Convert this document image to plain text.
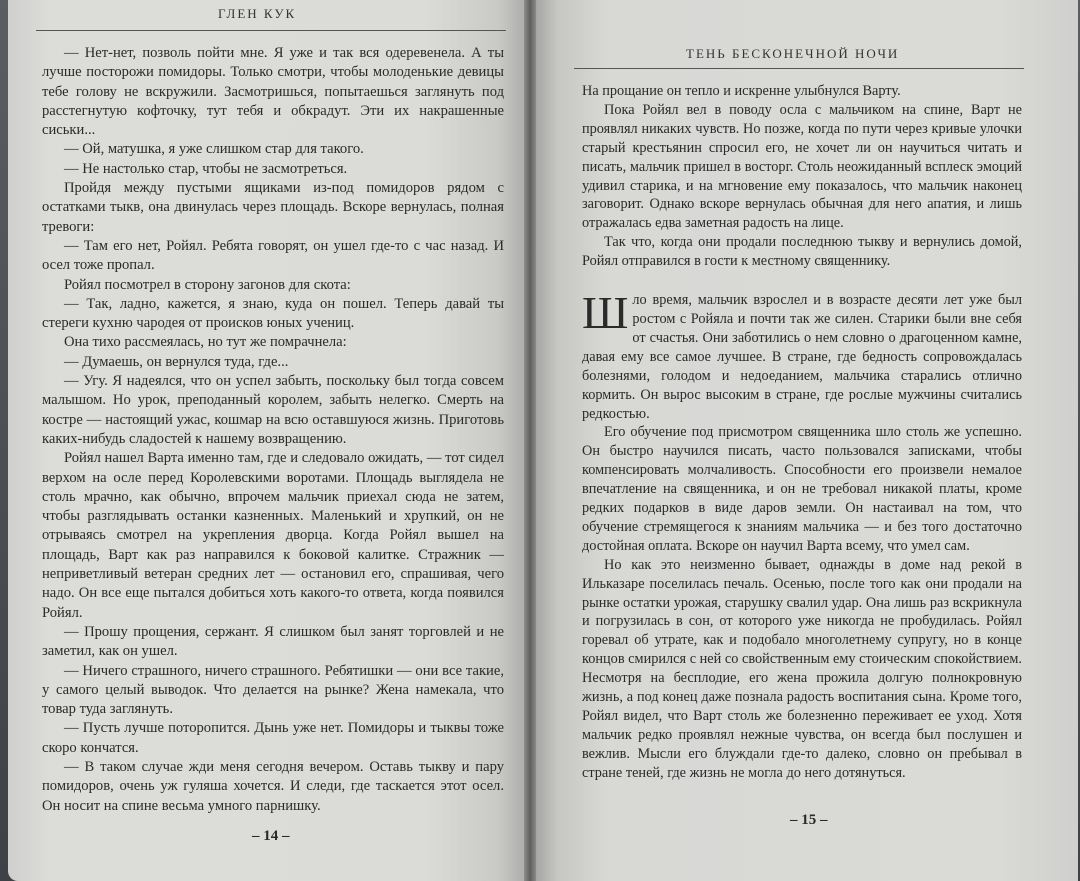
ГЛЕН КУК

— Нет-нет, позволь пойти мне. Я уже и так вся одеревенела. А ты лучше посторожи помидоры. Только смотри, чтобы молоденькие девицы тебе голову не вскружили. Засмотришься, попытаешься заглянуть под расстегнутую кофточку, тут тебя и обкрадут. Эти их накрашенные сиськи...

— Ой, матушка, я уже слишком стар для такого.

— Не настолько стар, чтобы не засмотреться.

Пройдя между пустыми ящиками из-под помидоров рядом с остатками тыкв, она двинулась через площадь. Вскоре вернулась, полная тревоги:

— Там его нет, Ройял. Ребята говорят, он ушел где-то с час назад. И осел тоже пропал.

Ройял посмотрел в сторону загонов для скота:

— Так, ладно, кажется, я знаю, куда он пошел. Теперь давай ты стереги кухню чародея от происков юных учениц.

Она тихо рассмеялась, но тут же помрачнела:

— Думаешь, он вернулся туда, где...

— Угу. Я надеялся, что он успел забыть, поскольку был тогда совсем малышом. Но урок, преподанный королем, забыть нелегко. Смерть на костре — настоящий ужас, кошмар на всю оставшуюся жизнь. Приготовь каких-нибудь сладостей к нашему возвращению.

Ройял нашел Варта именно там, где и следовало ожидать, — тот сидел верхом на осле перед Королевскими воротами. Площадь выглядела не столь мрачно, как обычно, впрочем мальчик приехал сюда не затем, чтобы разглядывать останки казненных. Маленький и хрупкий, он не отрываясь смотрел на укрепления дворца. Когда Ройял вышел на площадь, Варт как раз направился к боковой калитке. Стражник — неприветливый ветеран средних лет — остановил его, спрашивая, чего надо. Он все еще пытался добиться хоть какого-то ответа, когда появился Ройял.

— Прошу прощения, сержант. Я слишком был занят торговлей и не заметил, как он ушел.

— Ничего страшного, ничего страшного. Ребятишки — они все такие, у самого целый выводок. Что делается на рынке? Жена намекала, что товар туда заглянуть.

— Пусть лучше поторопится. Дынь уже нет. Помидоры и тыквы тоже скоро кончатся.

— В таком случае жди меня сегодня вечером. Оставь тыкву и пару помидоров, очень уж гуляша хочется. И следи, где таскается этот осел. Он носит на спине весьма умного парнишку.

– 14 –
ТЕНЬ БЕСКОНЕЧНОЙ НОЧИ

На прощание он тепло и искренне улыбнулся Варту.

Пока Ройял вел в поводу осла с мальчиком на спине, Варт не проявлял никаких чувств. Но позже, когда по пути через кривые улочки старый крестьянин спросил его, не хочет ли он научиться читать и писать, мальчик пришел в восторг. Столь неожиданный всплеск эмоций удивил старика, и на мгновение ему показалось, что мальчик наконец заговорит. Однако вскоре вернулась обычная для него апатия, и лишь отражалась едва заметная радость на лице.

Так что, когда они продали последнюю тыкву и вернулись домой, Ройял отправился в гости к местному священнику.

Шло время, мальчик взрослел и в возрасте десяти лет уже был ростом с Ройяла и почти так же силен. Старики были вне себя от счастья. Они заботились о нем словно о драгоценном камне, давая ему все самое лучшее. В стране, где бедность сопровождалась болезнями, голодом и недоеданием, мальчика старались отлично кормить. Он вырос высоким в стране, где рослые мужчины считались редкостью.

Его обучение под присмотром священника шло столь же успешно. Он быстро научился писать, часто пользовался записками, чтобы компенсировать молчаливость. Способности его произвели немалое впечатление на священника, и он не требовал никакой платы, кроме редких подарков в виде даров земли. Он настаивал на том, что обучение стремящегося к знаниям мальчика — и без того достаточно достойная оплата. Вскоре он научил Варта всему, что умел сам.

Но как это неизменно бывает, однажды в доме над рекой в Ильказаре поселилась печаль. Осенью, после того как они продали на рынке остатки урожая, старушку свалил удар. Она лишь раз вскрикнула и погрузилась в сон, от которого уже никогда не пробудилась. Ройял горевал об утрате, как и подобало многолетнему супругу, но в конце концов смирился с ней со свойственным ему стоическим спокойствием. Несмотря на бесплодие, его жена прожила долгую полнокровную жизнь, а под конец даже познала радость воспитания сына. Кроме того, Ройял видел, что Варт столь же болезненно переживает ее уход. Хотя мальчик редко проявлял нежные чувства, он всегда был послушен и вежлив. Мысли его блуждали где-то далеко, словно он пребывал в стране теней, где жизнь не могла до него дотянуться.

– 15 –
